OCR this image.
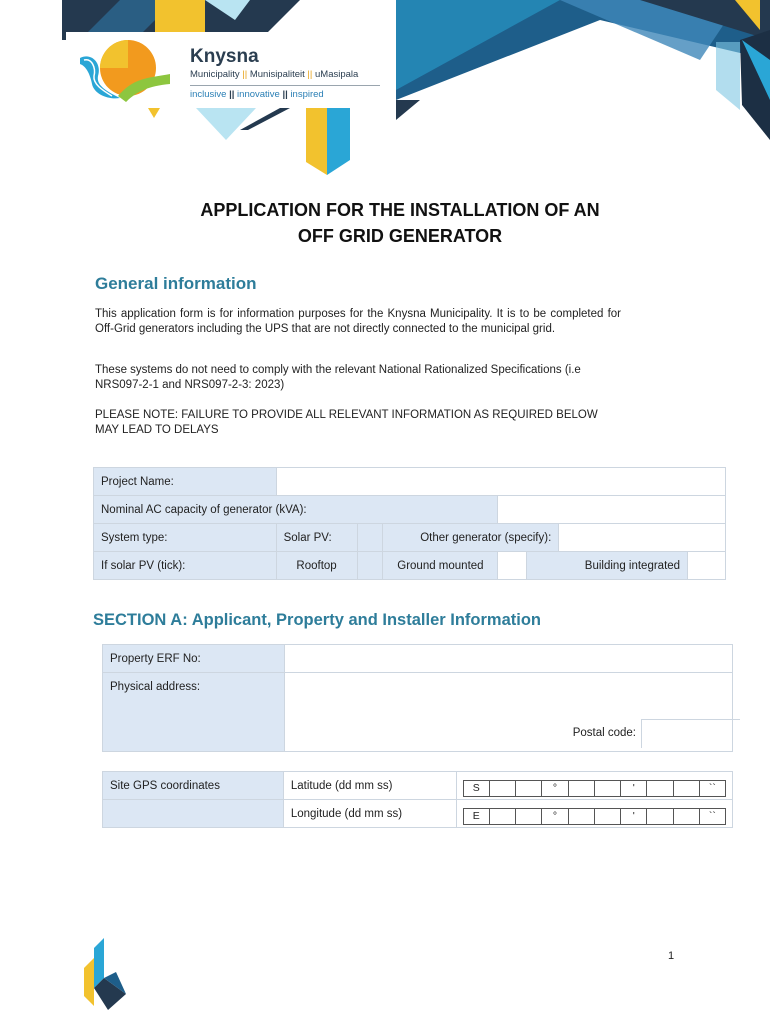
Knysna
Municipality || Munisipaliteit || uMasipala
inclusive || innovative || inspired
APPLICATION FOR THE INSTALLATION OF AN
OFF GRID GENERATOR
General information
This application form is for information purposes for the Knysna Municipality. It is to be completed for Off-Grid generators including the UPS that are not directly connected to the municipal grid.
These systems do not need to comply with the relevant National Rationalized Specifications (i.e NRS097-2-1 and NRS097-2-3: 2023)
PLEASE NOTE: FAILURE TO PROVIDE ALL RELEVANT INFORMATION AS REQUIRED BELOW MAY LEAD TO DELAYS
Project Name:							
Nominal AC capacity of generator (kVA):							
System type:	Solar PV:		Other generator (specify):				
If solar PV (tick):	Rooftop		Ground mounted		Building integrated		
SECTION A: Applicant, Property and Installer Information
Property ERF No:	
Physical address:	Postal code:
Site GPS coordinates	Latitude (dd mm ss)	S ° ' ``

	Longitude (dd mm ss)	E ° ' ``
1
